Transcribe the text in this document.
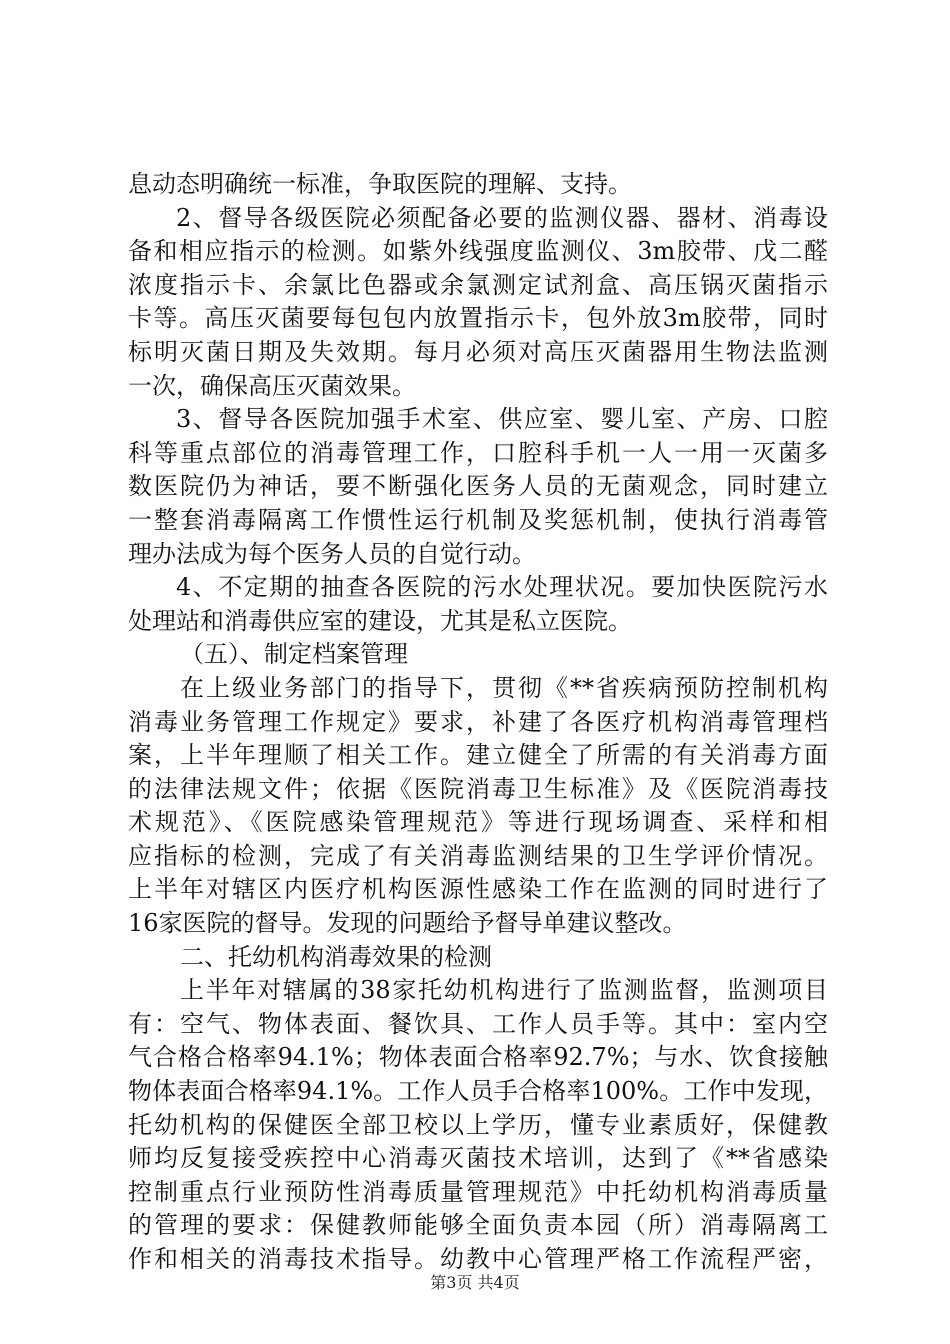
息动态明确统一标准，争取医院的理解、支持。
2、督导各级医院必须配备必要的监测仪器、器材、消毒设
备和相应指示的检测。如紫外线强度监测仪、3m胶带、戊二醛
浓度指示卡、余氯比色器或余氯测定试剂盒、高压锅灭菌指示
卡等。高压灭菌要每包包内放置指示卡，包外放3m胶带，同时
标明灭菌日期及失效期。每月必须对高压灭菌器用生物法监测
一次，确保高压灭菌效果。
3、督导各医院加强手术室、供应室、婴儿室、产房、口腔
科等重点部位的消毒管理工作，口腔科手机一人一用一灭菌多
数医院仍为神话，要不断强化医务人员的无菌观念，同时建立
一整套消毒隔离工作惯性运行机制及奖惩机制，使执行消毒管
理办法成为每个医务人员的自觉行动。
4、不定期的抽查各医院的污水处理状况。要加快医院污水
处理站和消毒供应室的建设，尤其是私立医院。
（五）、制定档案管理
在上级业务部门的指导下，贯彻《**省疾病预防控制机构
消毒业务管理工作规定》要求，补建了各医疗机构消毒管理档
案，上半年理顺了相关工作。建立健全了所需的有关消毒方面
的法律法规文件；依据《医院消毒卫生标准》及《医院消毒技
术规范》、《医院感染管理规范》等进行现场调查、采样和相
应指标的检测，完成了有关消毒监测结果的卫生学评价情况。
上半年对辖区内医疗机构医源性感染工作在监测的同时进行了
16家医院的督导。发现的问题给予督导单建议整改。
二、托幼机构消毒效果的检测
上半年对辖属的38家托幼机构进行了监测监督，监测项目
有：空气、物体表面、餐饮具、工作人员手等。其中：室内空
气合格合格率94.1%；物体表面合格率92.7%；与水、饮食接触
物体表面合格率94.1%。工作人员手合格率100%。工作中发现，
托幼机构的保健医全部卫校以上学历，懂专业素质好，保健教
师均反复接受疾控中心消毒灭菌技术培训，达到了《**省感染
控制重点行业预防性消毒质量管理规范》中托幼机构消毒质量
的管理的要求：保健教师能够全面负责本园（所）消毒隔离工
作和相关的消毒技术指导。幼教中心管理严格工作流程严密，
第3页 共4页
